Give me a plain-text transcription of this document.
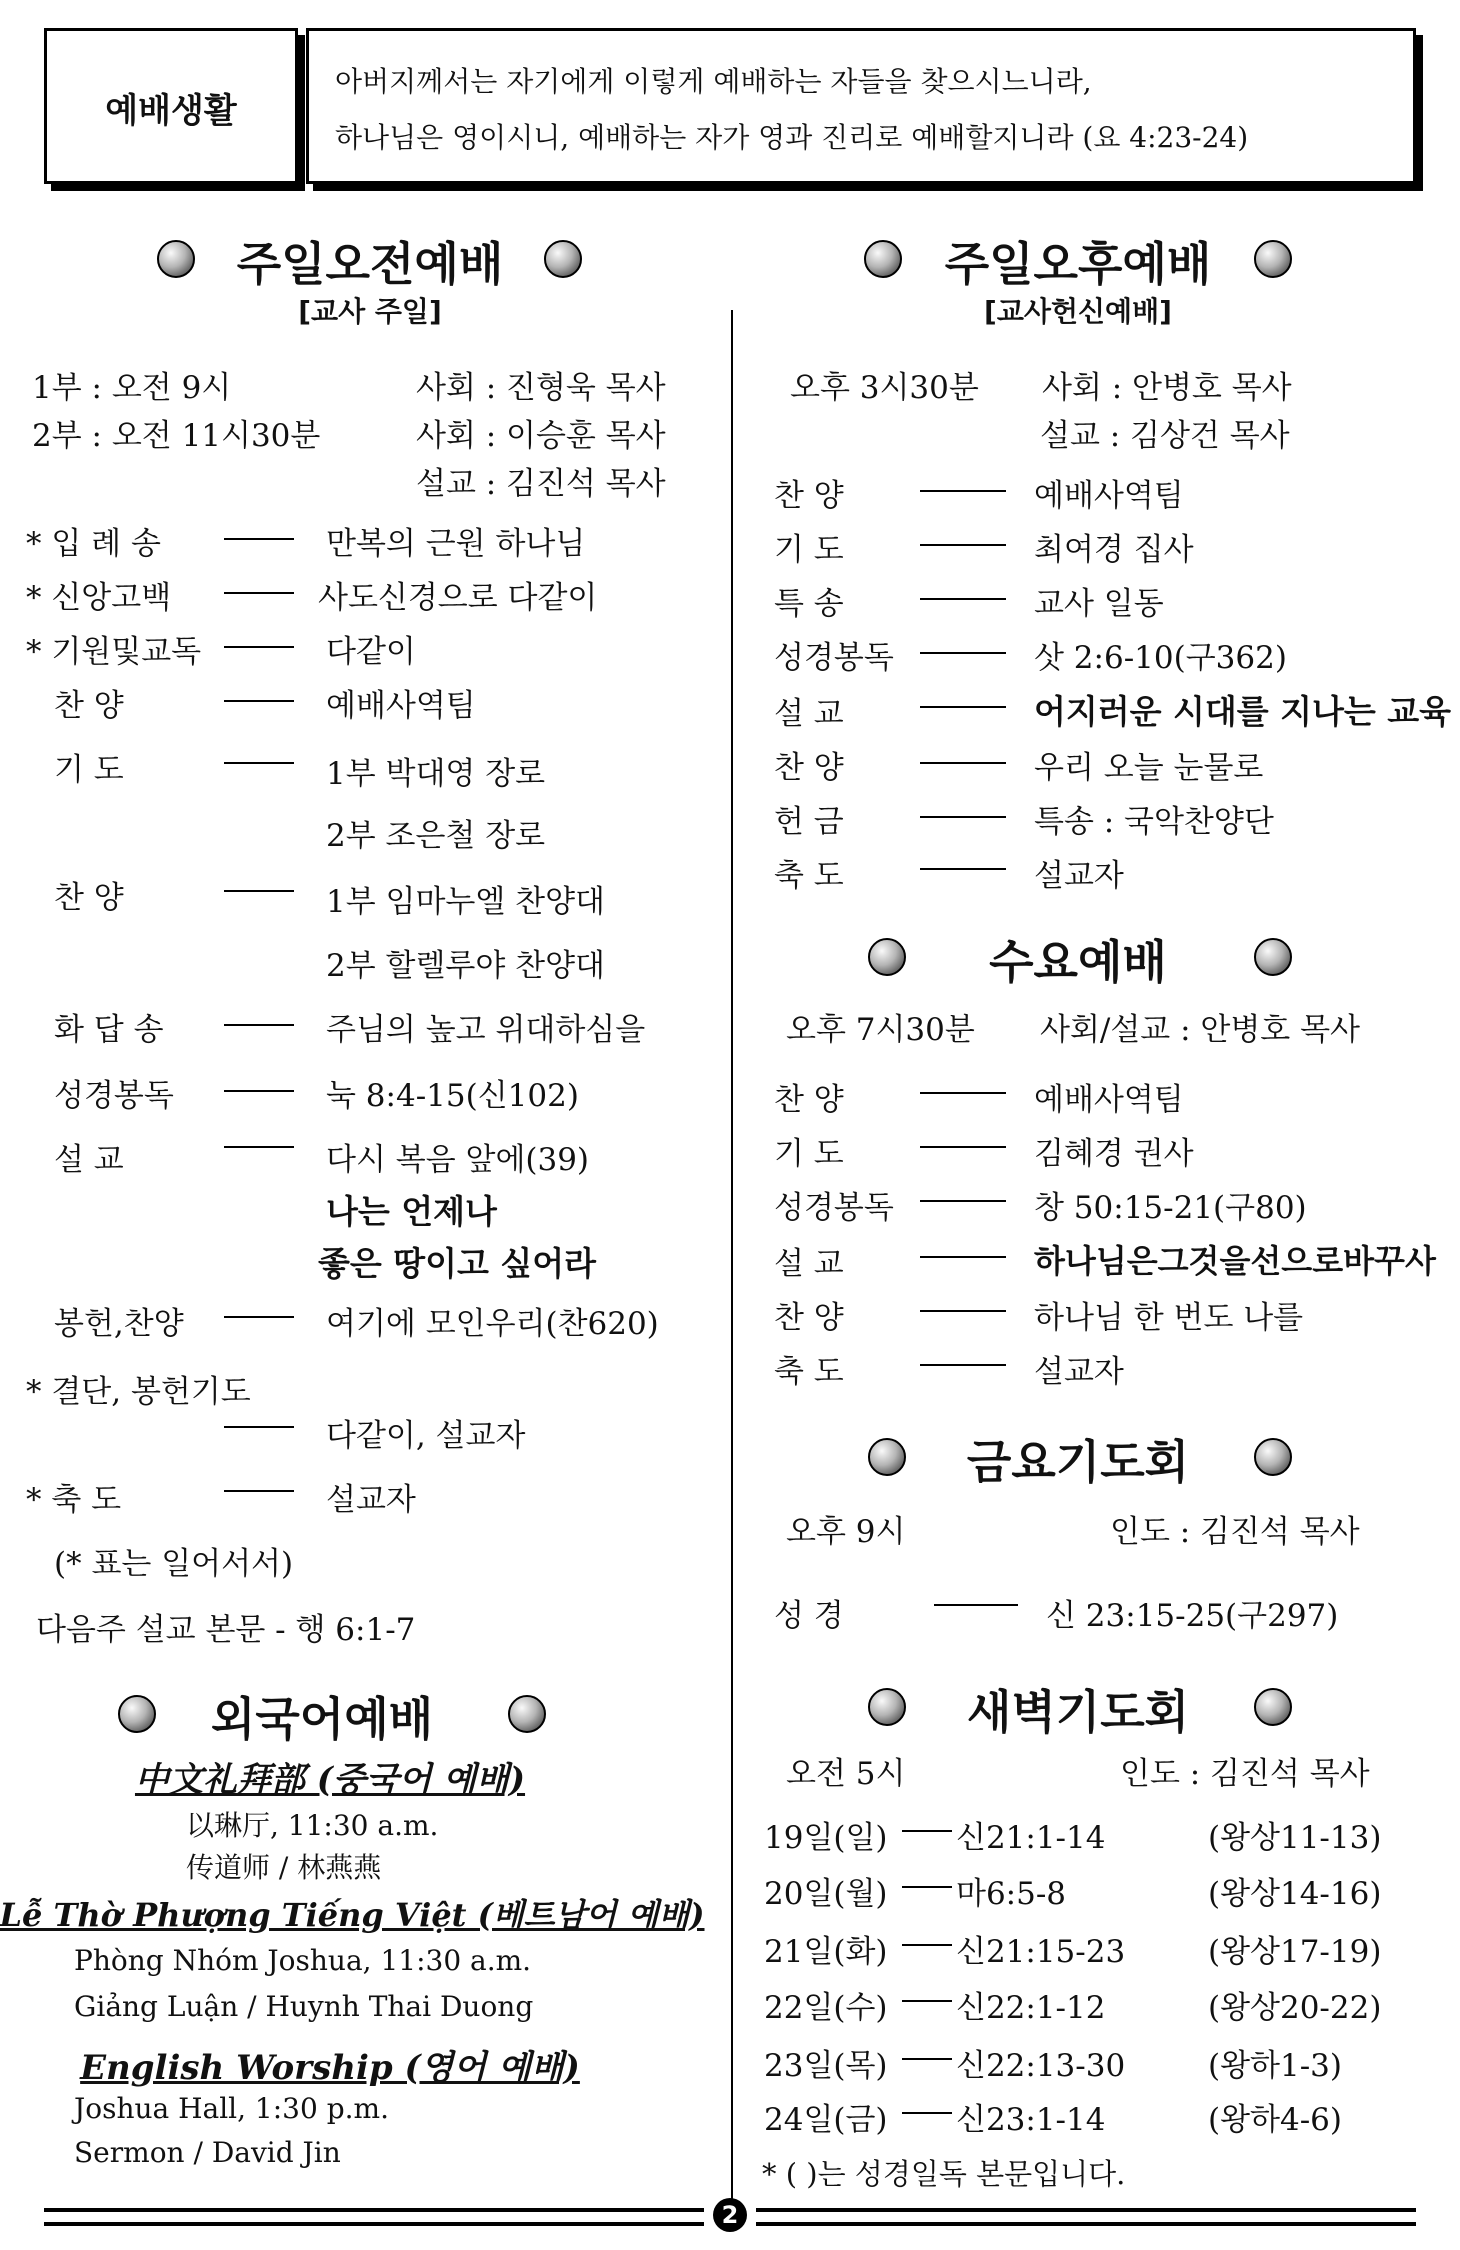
예배생활
아버지께서는 자기에게 이렇게 예배하는 자들을 찾으시느니라,
하나님은 영이시니, 예배하는 자가 영과 진리로 예배할지니라 (요 4:23-24)
주일오전예배
[교사 주일]
1부 : 오전 9시	사회 : 진형욱 목사
2부 : 오전 11시30분	사회 : 이승훈 목사
설교 : 김진석 목사
* 입 례 송	만복의 근원 하나님
* 신앙고백	사도신경으로 다같이
* 기원및교독	다같이
찬 양	예배사역팀
기 도	1부 박대영 장로
2부 조은철 장로
찬 양	1부 임마누엘 찬양대
2부 할렐루야 찬양대
화 답 송	주님의 높고 위대하심을
성경봉독	눅 8:4-15(신102)
설 교	다시 복음 앞에(39)
나는 언제나
좋은 땅이고 싶어라
봉헌,찬양	여기에 모인우리(찬620)
* 결단, 봉헌기도
다같이, 설교자
* 축 도	설교자
(* 표는 일어서서)
다음주 설교 본문 - 행 6:1-7
외국어예배
中文礼拜部 (중국어 예배)
以琳厅, 11:30 a.m.
传道师 / 林燕燕
Lễ Thờ Phượng Tiếng Việt (베트남어 예배)
Phòng Nhóm Joshua, 11:30 a.m.
Giảng Luận / Huynh Thai Duong
English Worship (영어 예배)
Joshua Hall, 1:30 p.m.
Sermon / David Jin
주일오후예배
[교사헌신예배]
오후 3시30분 사회 : 안병호 목사
설교 : 김상건 목사
찬 양	예배사역팀
기 도	최여경 집사
특 송	교사 일동
성경봉독	삿 2:6-10(구362)
설 교	어지러운 시대를 지나는 교육
찬 양	우리 오늘 눈물로
헌 금	특송 : 국악찬양단
축 도	설교자
수요예배
오후 7시30분 사회/설교 : 안병호 목사
찬 양	예배사역팀
기 도	김혜경 권사
성경봉독	창 50:15-21(구80)
설 교	하나님은그것을선으로바꾸사
찬 양	하나님 한 번도 나를
축 도	설교자
금요기도회
오후 9시	인도 : 김진석 목사
성 경	신 23:15-25(구297)
새벽기도회
오전 5시	인도 : 김진석 목사
19일(일) 신21:1-14	(왕상11-13)
20일(월) 마6:5-8	(왕상14-16)
21일(화) 신21:15-23	(왕상17-19)
22일(수) 신22:1-12	(왕상20-22)
23일(목) 신22:13-30	(왕하1-3)
24일(금) 신23:1-14	(왕하4-6)
* ( )는 성경일독 본문입니다.
2
